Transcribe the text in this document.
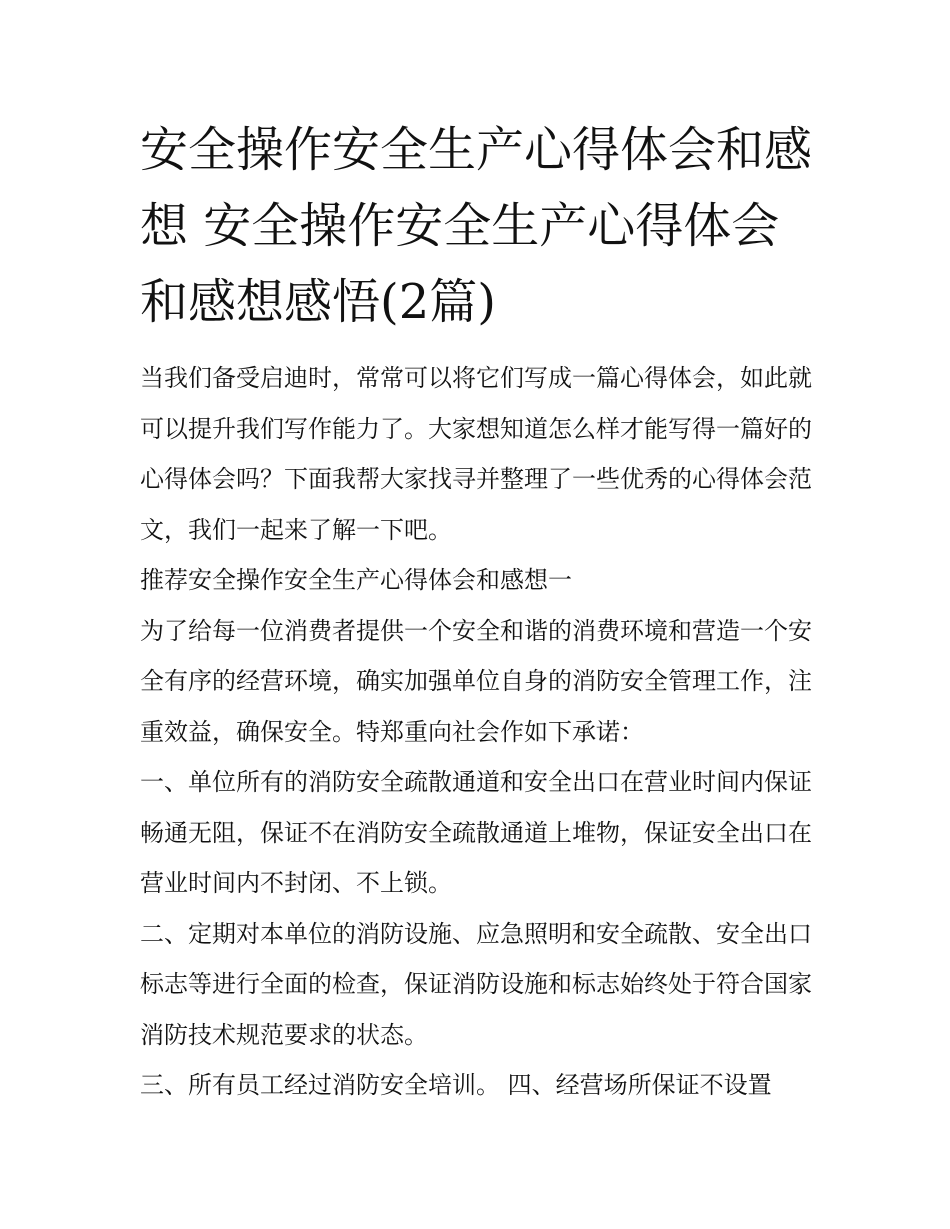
安全操作安全生产心得体会和感想 安全操作安全生产心得体会和感想感悟(2篇)

当我们备受启迪时，常常可以将它们写成一篇心得体会，如此就可以提升我们写作能力了。大家想知道怎么样才能写得一篇好的心得体会吗？下面我帮大家找寻并整理了一些优秀的心得体会范文，我们一起来了解一下吧。

推荐安全操作安全生产心得体会和感想一

为了给每一位消费者提供一个安全和谐的消费环境和营造一个安全有序的经营环境，确实加强单位自身的消防安全管理工作，注重效益，确保安全。特郑重向社会作如下承诺：

一、单位所有的消防安全疏散通道和安全出口在营业时间内保证畅通无阻，保证不在消防安全疏散通道上堆物，保证安全出口在营业时间内不封闭、不上锁。

二、定期对本单位的消防设施、应急照明和安全疏散、安全出口标志等进行全面的检查，保证消防设施和标志始终处于符合国家消防技术规范要求的状态。

三、所有员工经过消防安全培训。 四、经营场所保证不设置
